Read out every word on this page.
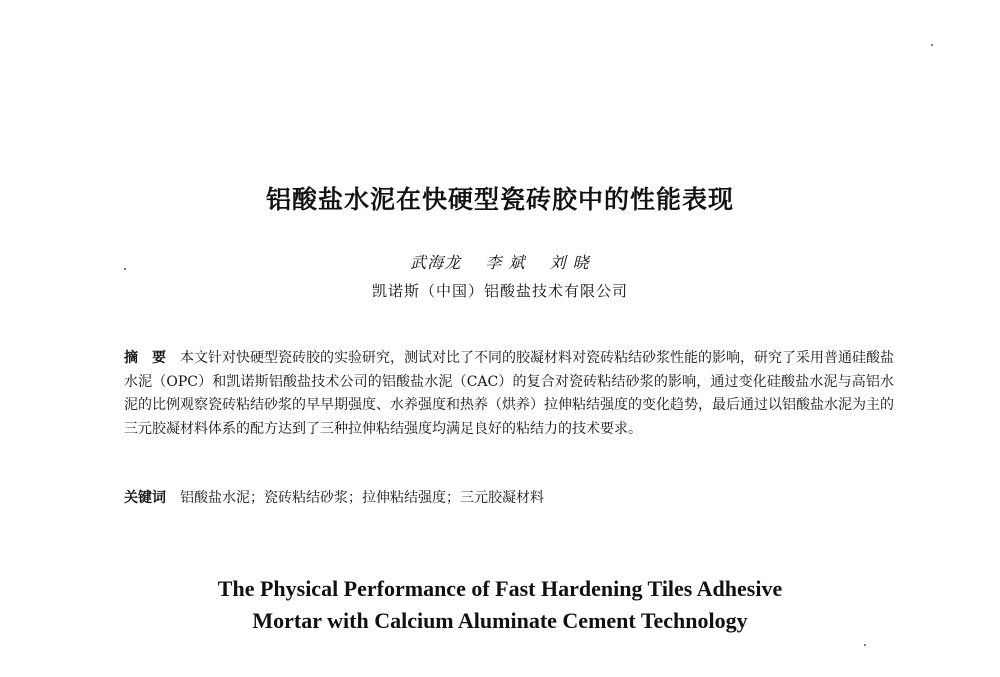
铝酸盐水泥在快硬型瓷砖胶中的性能表现
武海龙 李 斌 刘 晓
凯诺斯（中国）铝酸盐技术有限公司
摘　要 本文针对快硬型瓷砖胶的实验研究，测试对比了不同的胶凝材料对瓷砖粘结砂浆性能的影响，研究了采用普通硅酸盐水泥（OPC）和凯诺斯铝酸盐技术公司的铝酸盐水泥（CAC）的复合对瓷砖粘结砂浆的影响，通过变化硅酸盐水泥与高铝水泥的比例观察瓷砖粘结砂浆的早早期强度、水养强度和热养（烘养）拉伸粘结强度的变化趋势，最后通过以铝酸盐水泥为主的三元胶凝材料体系的配方达到了三种拉伸粘结强度均满足良好的粘结力的技术要求。
关键词 铝酸盐水泥；瓷砖粘结砂浆；拉伸粘结强度；三元胶凝材料
The Physical Performance of Fast Hardening Tiles Adhesive
Mortar with Calcium Aluminate Cement Technology
